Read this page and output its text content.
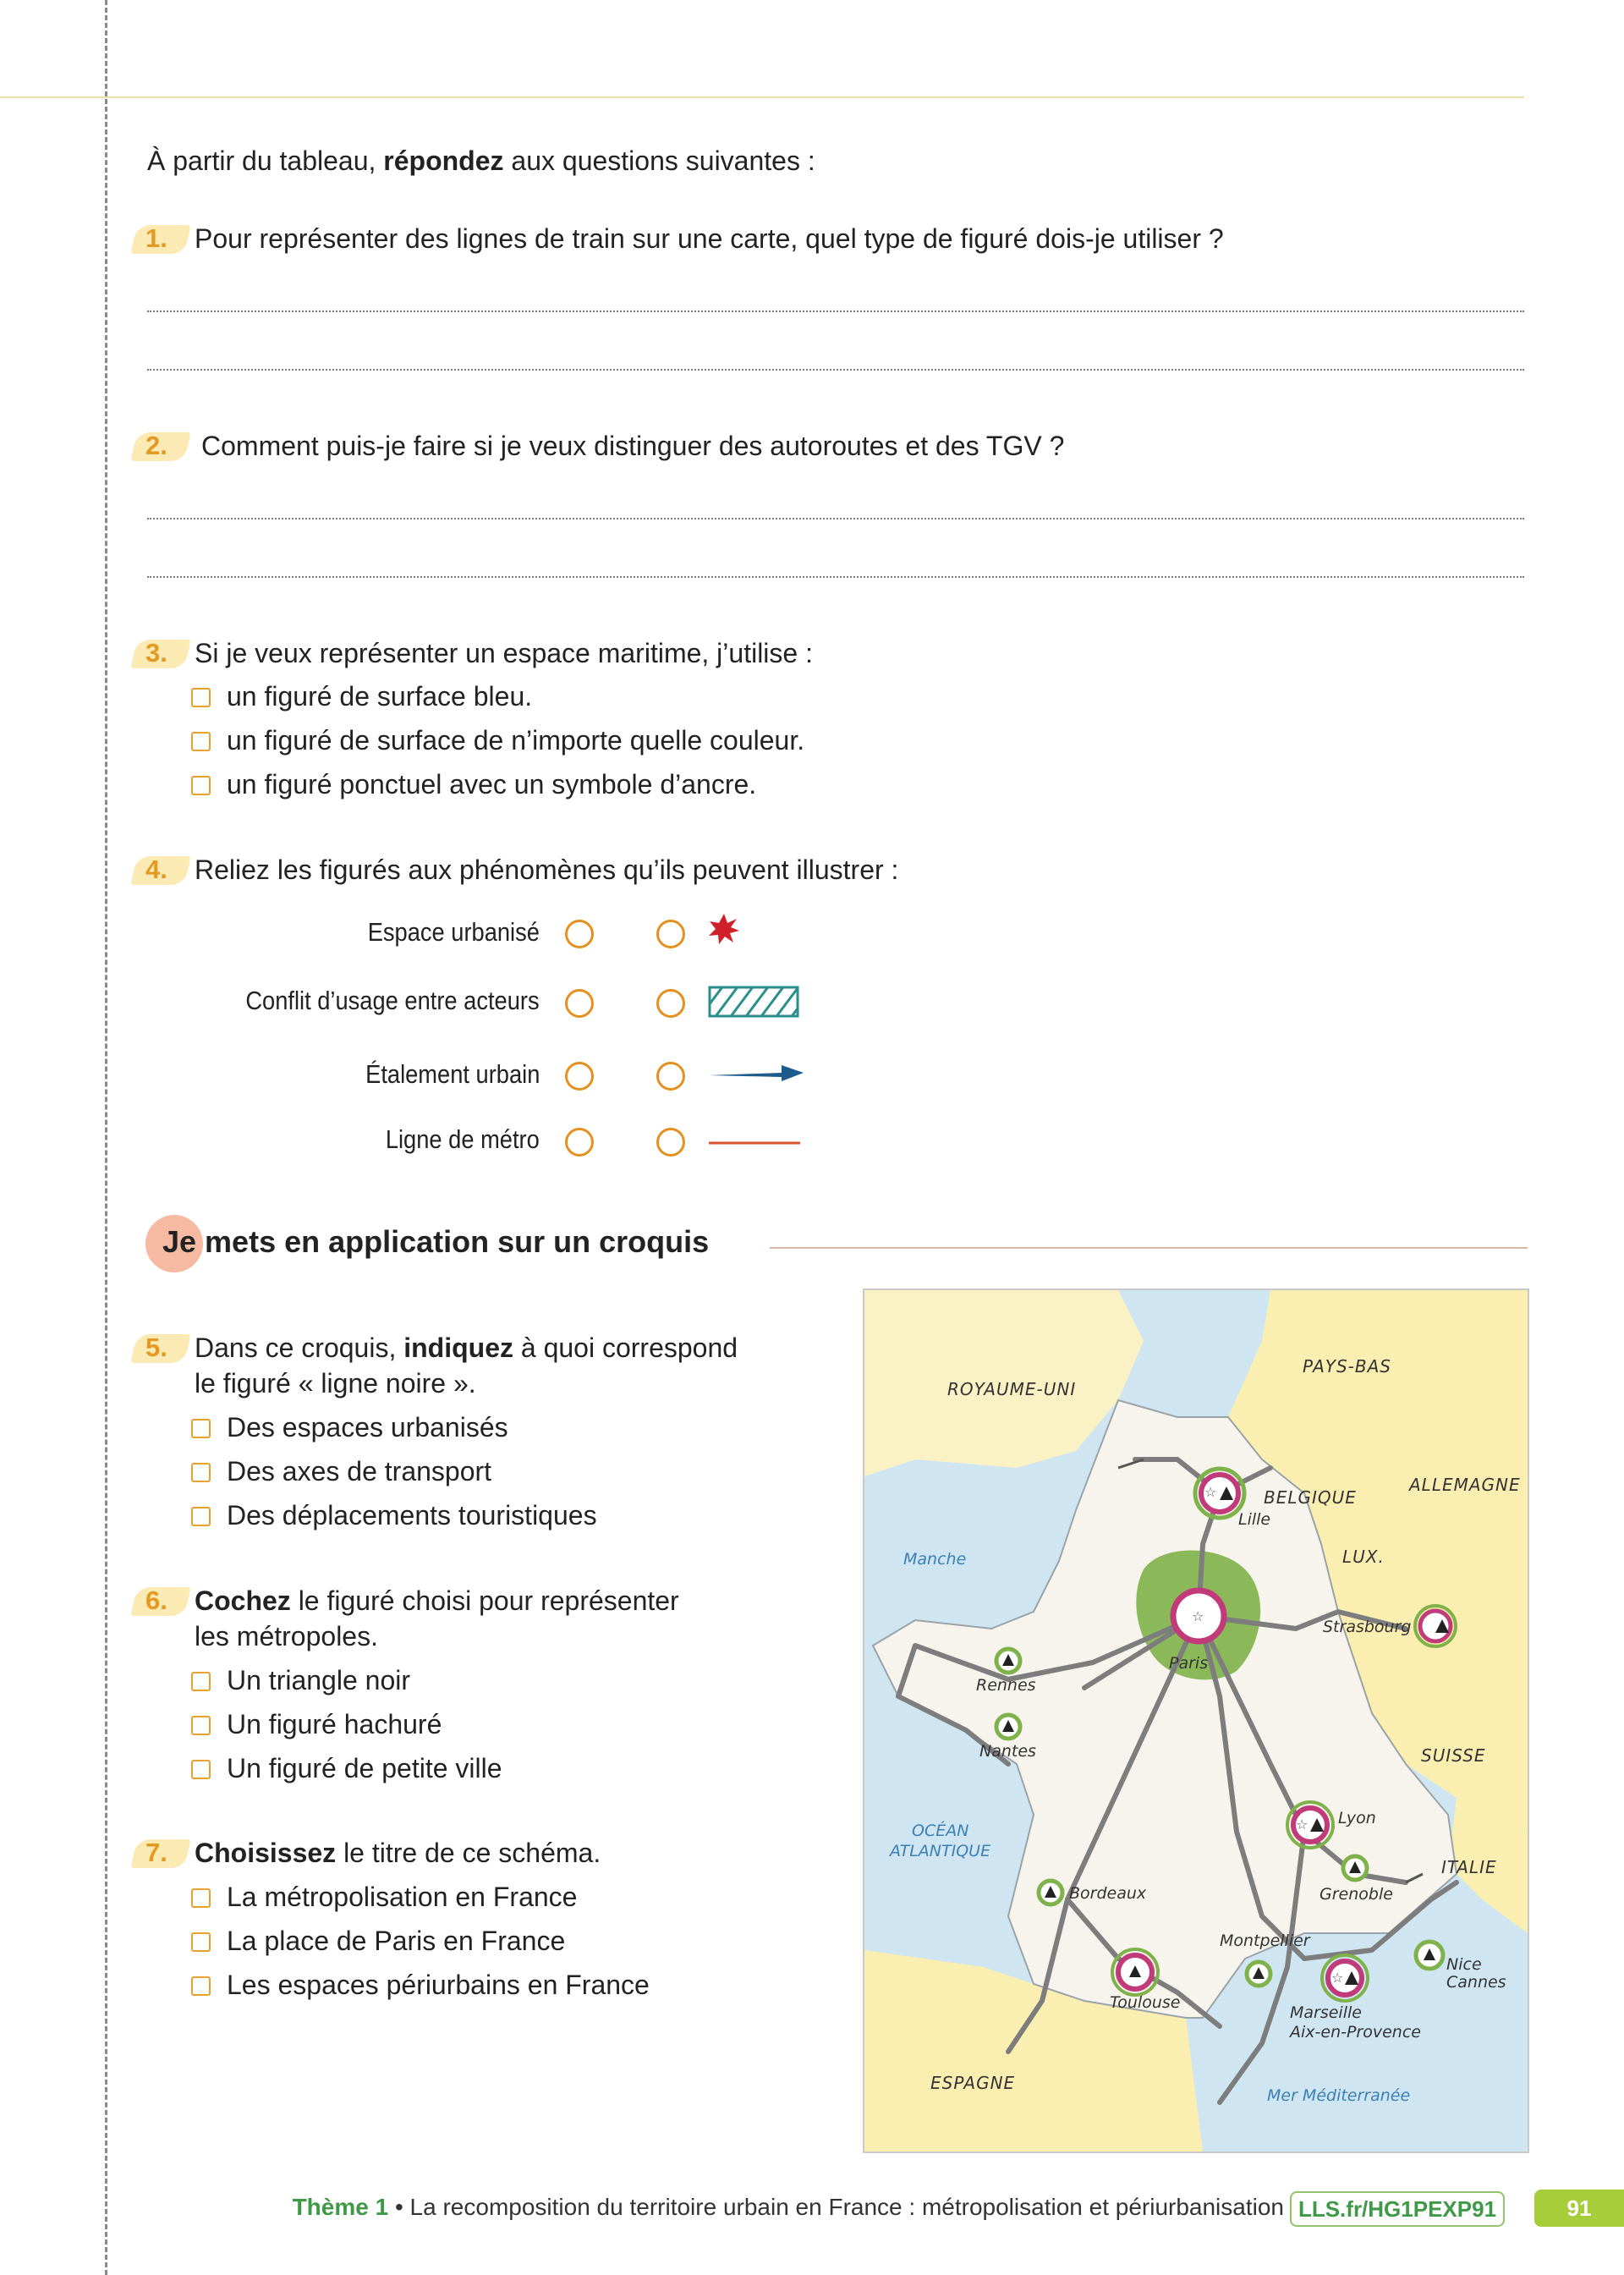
À partir du tableau, répondez aux questions suivantes :
1. Pour représenter des lignes de train sur une carte, quel type de figuré dois-je utiliser ?
2. Comment puis-je faire si je veux distinguer des autoroutes et des TGV ?
3. Si je veux représenter un espace maritime, j’utilise :
un figuré de surface bleu.
un figuré de surface de n’importe quelle couleur.
un figuré ponctuel avec un symbole d’ancre.
4. Reliez les figurés aux phénomènes qu’ils peuvent illustrer :
Espace urbanisé
Conflit d’usage entre acteurs
Étalement urbain
Ligne de métro
Je mets en application sur un croquis
5. Dans ce croquis, indiquez à quoi correspond
le figuré « ligne noire ».
Des espaces urbanisés
Des axes de transport
Des déplacements touristiques
6. Cochez le figuré choisi pour représenter
les métropoles.
Un triangle noir
Un figuré hachuré
Un figuré de petite ville
7. Choisissez le titre de ce schéma.
La métropolisation en France
La place de Paris en France
Les espaces périurbains en France
☆
☆
☆
☆
ROYAUME-UNI
PAYS-BAS
BELGIQUE
ALLEMAGNE
LUX.
SUISSE
ITALIE
ESPAGNE
Manche
OCÉAN
ATLANTIQUE
Mer Méditerranée
Lille
Paris
Strasbourg
Rennes
Nantes
Lyon
Grenoble
Bordeaux
Montpellier
Toulouse
Marseille
Aix-en-Provence
Nice
Cannes
Thème 1 • La recomposition du territoire urbain en France : métropolisation et périurbanisation LLS.fr/HG1PEXP91	91
